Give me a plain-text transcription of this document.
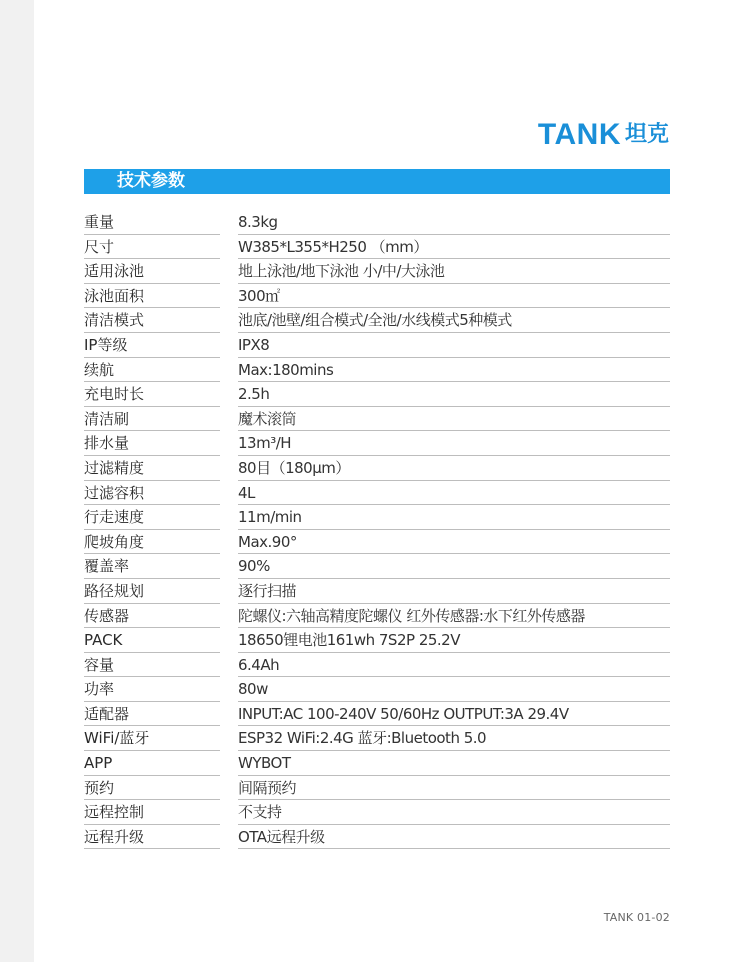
TANK 坦克
技术参数
重量	8.3kg
尺寸	W385*L355*H250 （mm）
适用泳池	地上泳池/地下泳池 小/中/大泳池
泳池面积	300㎡
清洁模式	池底/池壁/组合模式/全池/水线模式5种模式
IP等级	IPX8
续航	Max:180mins
充电时长	2.5h
清洁刷	魔术滚筒
排水量	13m³/H
过滤精度	80目（180μm）
过滤容积	4L
行走速度	11m/min
爬坡角度	Max.90°
覆盖率	90%
路径规划	逐行扫描
传感器	陀螺仪:六轴高精度陀螺仪 红外传感器:水下红外传感器
PACK	18650锂电池161wh 7S2P 25.2V
容量	6.4Ah
功率	80w
适配器	INPUT:AC 100-240V 50/60Hz OUTPUT:3A 29.4V
WiFi/蓝牙	ESP32 WiFi:2.4G 蓝牙:Bluetooth 5.0
APP	WYBOT
预约	间隔预约
远程控制	不支持
远程升级	OTA远程升级
TANK 01-02
